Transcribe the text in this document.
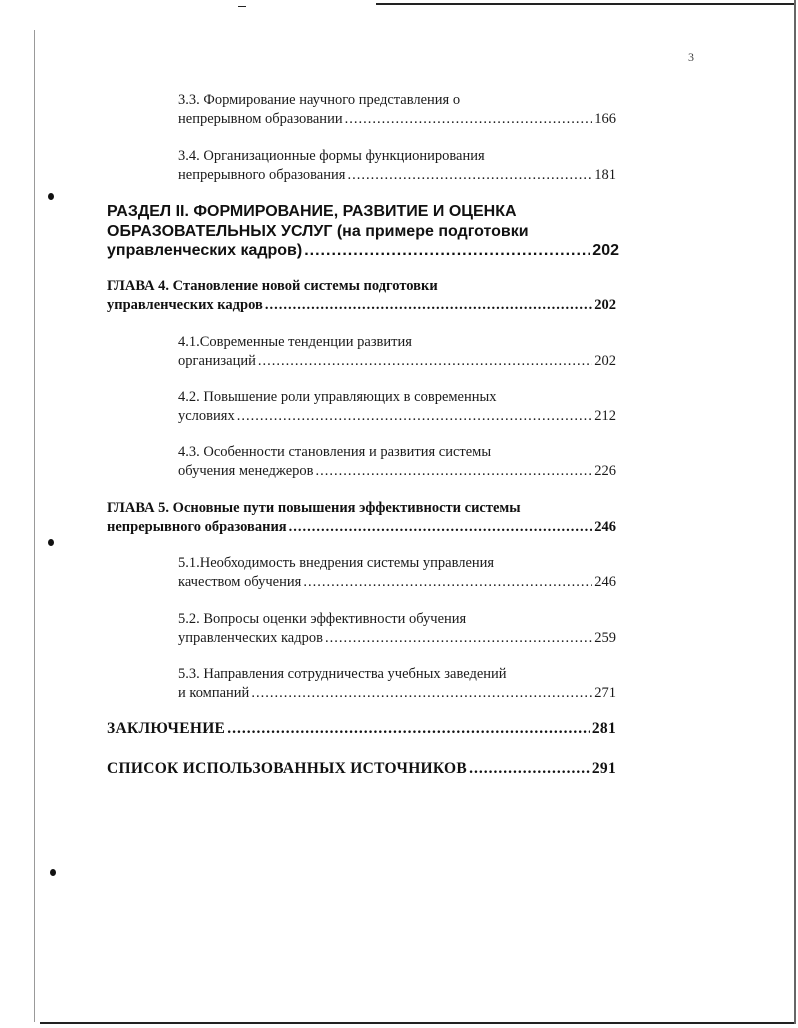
3
3.3. Формирование научного представления о
непрерывном образовании .....	166
3.4. Организационные формы функционирования
непрерывного образования .....	181
РАЗДЕЛ II. ФОРМИРОВАНИЕ, РАЗВИТИЕ И ОЦЕНКА
ОБРАЗОВАТЕЛЬНЫХ УСЛУГ (на примере подготовки
управленческих кадров) .....	202
ГЛАВА 4. Становление новой системы подготовки
управленческих кадров .....	202
4.1.Современные тенденции развития
организаций .....	202
4.2. Повышение роли управляющих в современных
условиях .....	212
4.3. Особенности становления и развития системы
обучения менеджеров .....	226
ГЛАВА 5. Основные пути повышения эффективности системы
непрерывного образования .....	246
5.1.Необходимость внедрения системы управления
качеством обучения .....	246
5.2. Вопросы оценки эффективности обучения
управленческих кадров .....	259
5.3. Направления сотрудничества учебных заведений
и компаний .....	271
ЗАКЛЮЧЕНИЕ .....	281
СПИСОК ИСПОЛЬЗОВАННЫХ ИСТОЧНИКОВ .....	291
